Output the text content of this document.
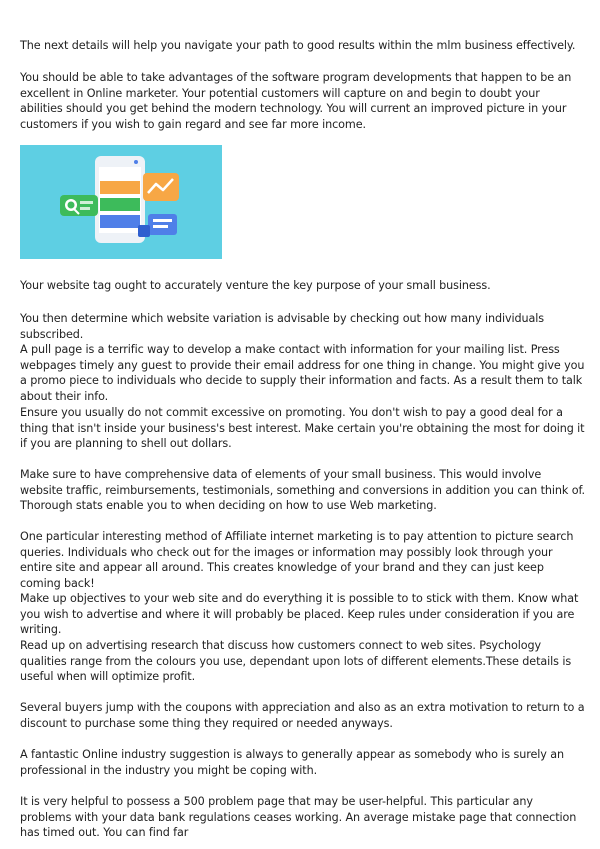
The next details will help you navigate your path to good results within the mlm business effectively.

You should be able to take advantages of the software program developments that happen to be an excellent in Online marketer. Your potential customers will capture on and begin to doubt your abilities should you get behind the modern technology. You will current an improved picture in your customers if you wish to gain regard and see far more income.

Your website tag ought to accurately venture the key purpose of your small business.

You then determine which website variation is advisable by checking out how many individuals subscribed.

A pull page is a terrific way to develop a make contact with information for your mailing list. Press webpages timely any guest to provide their email address for one thing in change. You might give you a promo piece to individuals who decide to supply their information and facts. As a result them to talk about their info.

Ensure you usually do not commit excessive on promoting. You don't wish to pay a good deal for a thing that isn't inside your business's best interest. Make certain you're obtaining the most for doing it if you are planning to shell out dollars.

Make sure to have comprehensive data of elements of your small business. This would involve website traffic, reimbursements, testimonials, something and conversions in addition you can think of. Thorough stats enable you to when deciding on how to use Web marketing.

One particular interesting method of Affiliate internet marketing is to pay attention to picture search queries. Individuals who check out for the images or information may possibly look through your entire site and appear all around. This creates knowledge of your brand and they can just keep coming back!

Make up objectives to your web site and do everything it is possible to to stick with them. Know what you wish to advertise and where it will probably be placed. Keep rules under consideration if you are writing.

Read up on advertising research that discuss how customers connect to web sites. Psychology qualities range from the colours you use, dependant upon lots of different elements.These details is useful when will optimize profit.

Several buyers jump with the coupons with appreciation and also as an extra motivation to return to a discount to purchase some thing they required or needed anyways.

A fantastic Online industry suggestion is always to generally appear as somebody who is surely an professional in the industry you might be coping with.

It is very helpful to possess a 500 problem page that may be user-helpful. This particular any problems with your data bank regulations ceases working. An average mistake page that connection has timed out. You can find far
